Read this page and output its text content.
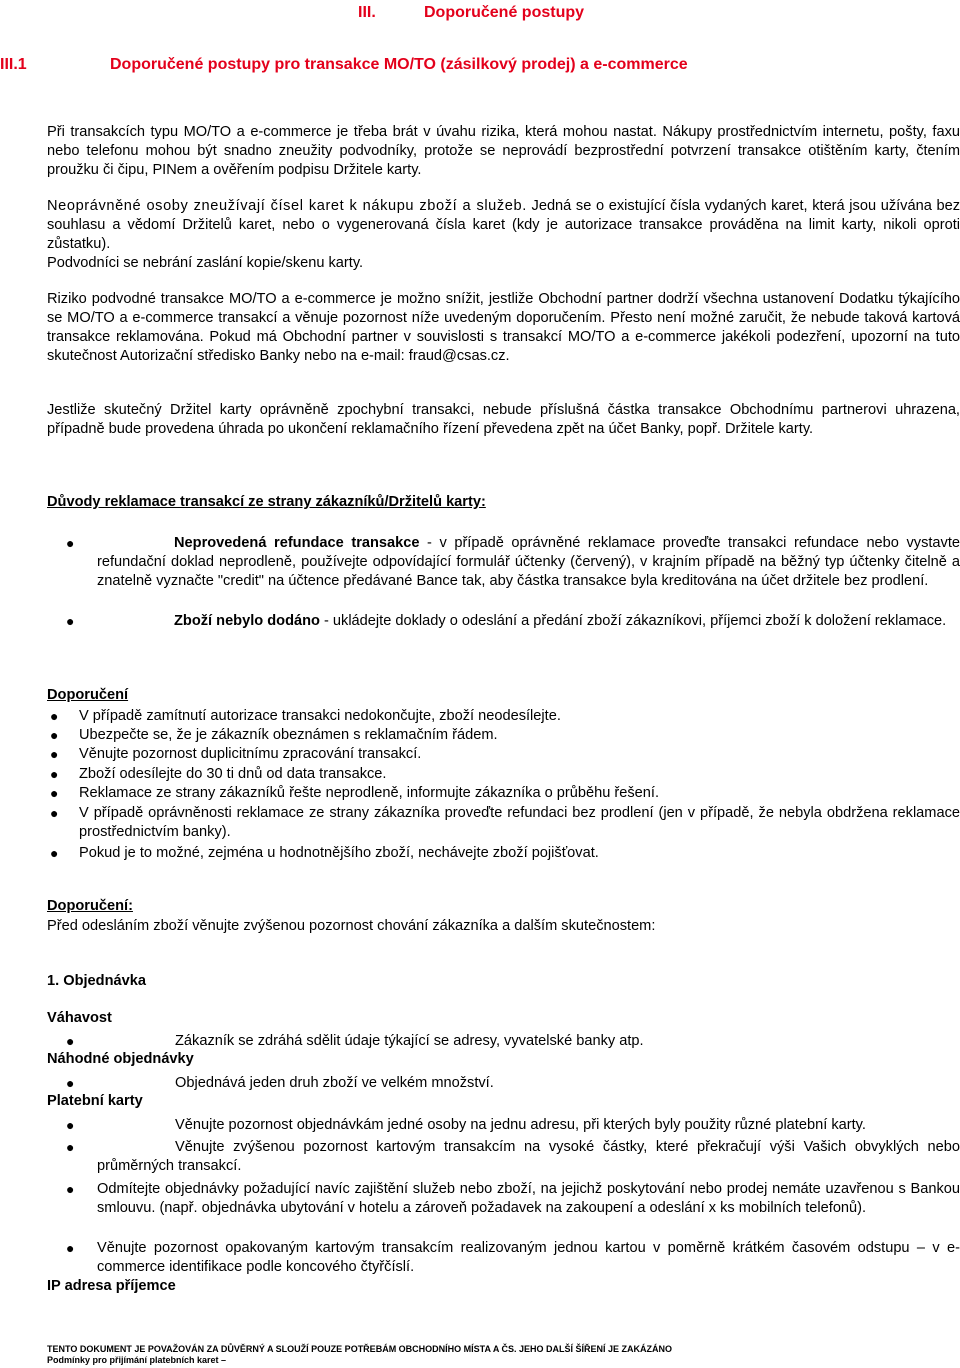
III.	Doporučené postupy
III.1	Doporučené postupy pro transakce MO/TO (zásilkový prodej) a e-commerce

Při transakcích typu MO/TO a e-commerce je třeba brát v úvahu rizika, která mohou nastat. Nákupy prostřednictvím internetu, pošty, faxu nebo telefonu mohou být snadno zneužity podvodníky, protože se neprovádí bezprostřední potvrzení transakce otištěním karty, čtením proužku či čipu, PINem a ověřením podpisu Držitele karty.

Neoprávněné osoby zneužívají čísel karet k nákupu zboží a služeb. Jedná se o existující čísla vydaných karet, která jsou užívána bez souhlasu a vědomí Držitelů karet, nebo o vygenerovaná čísla karet (kdy je autorizace transakce prováděna na limit karty, nikoli oproti zůstatku).

Podvodníci se nebrání zaslání kopie/skenu karty.

Riziko podvodné transakce MO/TO a e-commerce je možno snížit, jestliže Obchodní partner dodrží všechna ustanovení Dodatku týkajícího se MO/TO a e-commerce transakcí a věnuje pozornost níže uvedeným doporučením. Přesto není možné zaručit, že nebude taková kartová transakce reklamována. Pokud má Obchodní partner v souvislosti s transakcí MO/TO a e-commerce jakékoli podezření, upozorní na tuto skutečnost Autorizační středisko Banky nebo na e-mail: fraud@csas.cz.

Jestliže skutečný Držitel karty oprávněně zpochybní transakci, nebude příslušná částka transakce Obchodnímu partnerovi uhrazena, případně bude provedena úhrada po ukončení reklamačního řízení převedena zpět na účet Banky, popř. Držitele karty.

Důvody reklamace transakcí ze strany zákazníků/Držitelů karty:
●	Neprovedená refundace transakce - v případě oprávněné reklamace proveďte transakci refundace nebo vystavte refundační doklad neprodleně, používejte odpovídající formulář účtenky (červený), v krajním případě na běžný typ účtenky čitelně a znatelně vyznačte "credit" na účtence předávané Bance tak, aby částka transakce byla kreditována na účet držitele bez prodlení.

●	Zboží nebylo dodáno - ukládejte doklady o odeslání a předání zboží zákazníkovi, příjemci zboží k doložení reklamace.

Doporučení
● V případě zamítnutí autorizace transakci nedokončujte, zboží neodesílejte.

● Ubezpečte se, že je zákazník obeznámen s reklamačním řádem.

● Věnujte pozornost duplicitnímu zpracování transakcí.

● Zboží odesílejte do 30 ti dnů od data transakce.

● Reklamace ze strany zákazníků řešte neprodleně, informujte zákazníka o průběhu řešení.

● V případě oprávněnosti reklamace ze strany zákazníka proveďte refundaci bez prodlení (jen v případě, že nebyla obdržena reklamace prostřednictvím banky).

● Pokud je to možné, zejména u hodnotnějšího zboží, nechávejte zboží pojišťovat.

Doporučení:
Před odesláním zboží věnujte zvýšenou pozornost chování zákazníka a dalším skutečnostem:
1. Objednávka
Váhavost
●	Zákazník se zdráhá sdělit údaje týkající se adresy, vyvatelské banky atp.

Náhodné objednávky
●	Objednává jeden druh zboží ve velkém množství.

Platební karty
●	Věnujte pozornost objednávkám jedné osoby na jednu adresu, při kterých byly použity různé platební karty.

●	Věnujte zvýšenou pozornost kartovým transakcím na vysoké částky, které překračují výši Vašich obvyklých nebo průměrných transakcí.

● Odmítejte objednávky požadující navíc zajištění služeb nebo zboží, na jejichž poskytování nebo prodej nemáte uzavřenou s Bankou smlouvu. (např. objednávka ubytování v hotelu a zároveň požadavek na zakoupení a odeslání x ks mobilních telefonů).

● Věnujte pozornost opakovaným kartovým transakcím realizovaným jednou kartou v poměrně krátkém časovém odstupu – v e-commerce identifikace podle koncového čtyřčíslí.

IP adresa příjemce
TENTO DOKUMENT JE POVAŽOVÁN ZA DŮVĚRNÝ A SLOUŽÍ POUZE POTŘEBÁM OBCHODNÍHO MÍSTA A ČS. JEHO DALŠÍ ŠÍŘENÍ JE ZAKÁZÁNO
Podmínky pro přijímání platebních karet –
